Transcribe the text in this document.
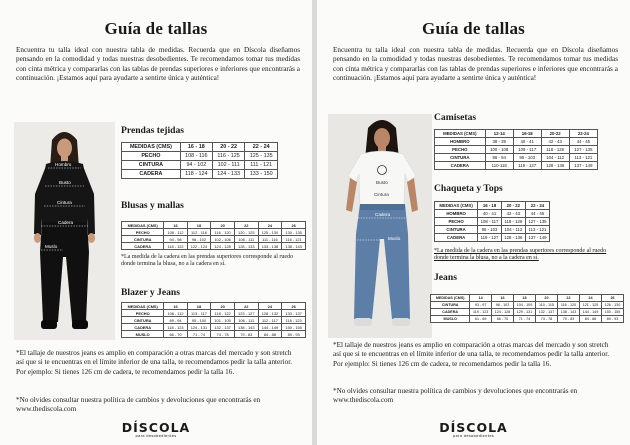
Guía de tallas
Encuentra tu talla ideal con nuestra tabla de medidas. Recuerda que en Díscola diseñamos pensando en la comodidad y todas nuestras desobedientes. Te recomendamos tomar tus medidas con cinta métrica y compararlas con las tablas de prendas superiores e inferiores que encontrarás a continuación. ¡Estamos aquí para ayudarte a sentirte única y auténtica!
Hombro
Busto
Cintura
Cadera
Muslo
Prendas tejidas
MEDIDAS (CMS)	16 - 18	20 - 22	22 - 24
PECHO	108 - 116	116 - 125	125 - 135
CINTURA	94 - 102	102 - 111	111 - 121
CADERA	118 - 124	124 - 133	133 - 150
Blusas y mallas
MEDIDAS (CMS)	16	18	20	22	24	26
PECHO	108 - 112	112 - 116	116 - 120	120 - 125	125 - 130	130 - 135
CINTURA	94 - 98	98 - 102	102 - 106	106 - 111	111 - 116	116 - 121
CADERA	118 - 122	122 - 124	124 - 128	128 - 133	133 - 138	138 - 143
*La medida de la cadera en las prendas superiores corresponde al ruedo donde termina la blusa, no a la cadera en sí.
Blazer y Jeans
MEDIDAS (CMS)	16	18	20	22	24	26
PECHO	108 - 112	113 - 117	118 - 122	123 - 127	128 - 132	133 - 137
CINTURA	89 - 94	95 - 100	101 - 105	106 - 111	112 - 117	118 - 123
CADERA	118 - 123	124 - 131	132 - 137	138 - 143	144 - 149	150 - 155
MUSLO	66 - 70	71 - 74	74 - 78	79 - 83	84 - 88	89 - 93
*El tallaje de nuestros jeans es amplio en comparación a otras marcas del mercado y son stretch así que si te encuentras en el límite inferior de una talla, te recomendamos pedir la talla anterior. Por ejemplo: Si tienes 126 cm de cadera, te recomendamos pedir la talla 16.
*No olvides consultar nuestra política de cambios y devoluciones que encontrarás en www.thediscola.com
DÍSCOLA
para desobedientes
Guía de tallas
Encuentra tu talla ideal con nuestra tabla de medidas. Recuerda que en Díscola diseñamos pensando en la comodidad y todas nuestras desobedientes. Te recomendamos tomar tus medidas con cinta métrica y compararlas con las tablas de prendas superiores e inferiores que encontrarás a continuación. ¡Estamos aquí para ayudarte a sentirte única y auténtica!
Busto
Cintura
Cadera
Muslo
Camisetas
MEDIDAS (CMS)	12-14	16-18	20-22	22-24
HOMBRO	38 - 39	40 - 41	42 - 43	44 - 45
PECHO	100 - 108	109 - 117	118 - 126	127 - 135
CINTURA	86 - 94	95 - 103	104 - 112	113 - 121
CADERA	110-118	119 - 127	128 - 136	137 - 149
Chaqueta y Tops
MEDIDAS (CMS)	16 - 18	20 - 22	22 - 24
HOMBRO	40 - 41	42 - 43	44 - 45
PECHO	108 - 117	118 - 126	127 - 135
CINTURA	95 - 103	104 - 112	113 - 121
CADERA	119 - 127	128 - 136	137 - 149
*La medida de la cadera en las prendas superiores corresponde al ruedo donde termina la blusa, no a la cadera en sí.
Jeans
MEDIDAS (CMS)	14	16	18	20	22	24	26
CINTURA	93 - 97	98 - 103	104 - 109	110 - 115	116 - 120	121 - 125	126 - 130
CADERA	119 - 123	124 - 128	129 - 131	132 - 137	138 - 143	144 - 149	150 - 155
MUSLO	61 - 65	66 - 70	71 - 74	74 - 78	79 - 83	84 - 88	89 - 93
*El tallaje de nuestros jeans es amplio en comparación a otras marcas del mercado y son stretch así que si te encuentras en el límite inferior de una talla, te recomendamos pedir la talla anterior. Por ejemplo: Si tienes 126 cm de cadera, te recomendamos pedir la talla 16.
*No olvides consultar nuestra política de cambios y devoluciones que encontrarás en www.thediscola.com
DÍSCOLA
para desobedientes
